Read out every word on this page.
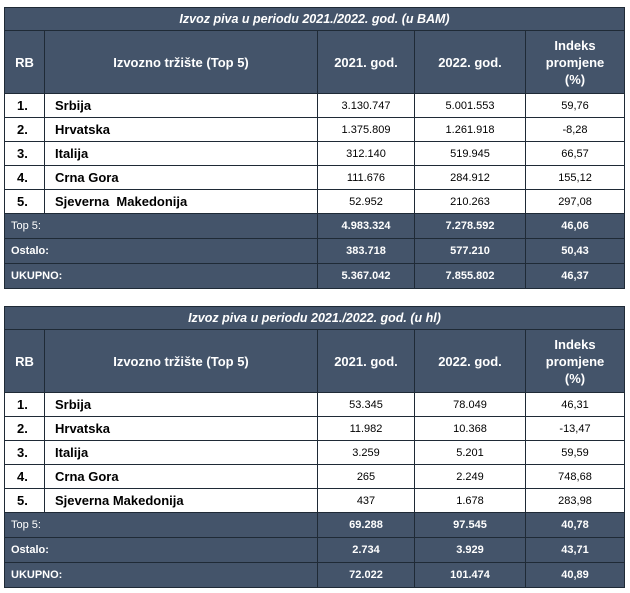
Izvoz piva u periodu 2021./2022. god. (u BAM)				
RB	Izvozno tržište (Top 5)	2021. god.	2022. god.	Indeks
promjene
(%)

1.	Srbija	3.130.747	5.001.553	59,76
2.	Hrvatska	1.375.809	1.261.918	-8,28
3.	Italija	312.140	519.945	66,57
4.	Crna Gora	111.676	284.912	155,12
5.	Sjeverna  Makedonija	52.952	210.263	297,08
Top 5:		4.983.324	7.278.592	46,06
Ostalo:		383.718	577.210	50,43
UKUPNO:		5.367.042	7.855.802	46,37
Izvoz piva u periodu 2021./2022. god. (u hl)				
RB	Izvozno tržište (Top 5)	2021. god.	2022. god.	Indeks
promjene
(%)

1.	Srbija	53.345	78.049	46,31
2.	Hrvatska	11.982	10.368	-13,47
3.	Italija	3.259	5.201	59,59
4.	Crna Gora	265	2.249	748,68
5.	Sjeverna Makedonija	437	1.678	283,98
Top 5:		69.288	97.545	40,78
Ostalo:		2.734	3.929	43,71
UKUPNO:		72.022	101.474	40,89
